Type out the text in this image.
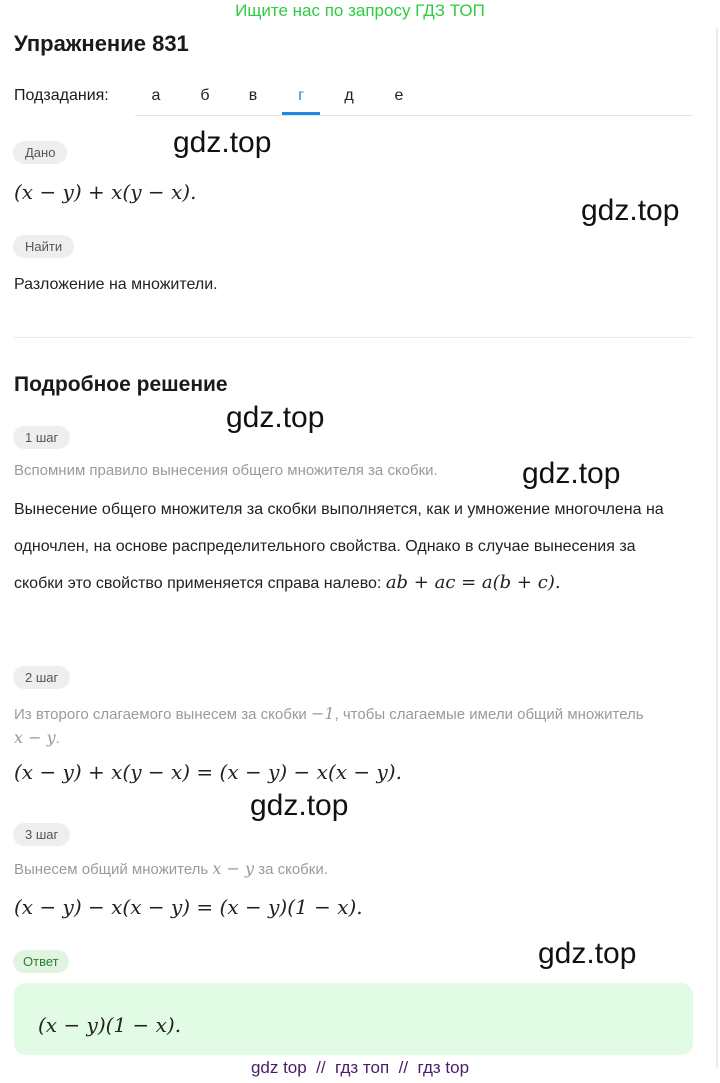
Ищите нас по запросу ГДЗ ТОП
Упражнение 831
Подзадания:	а	б	в	г	д	е
Дано
(x − y) + x(y − x).
Найти
Разложение на множители.
Подробное решение
1 шаг
Вспомним правило вынесения общего множителя за скобки.
Вынесение общего множителя за скобки выполняется, как и умножение многочлена на одночлен, на основе распределительного свойства. Однако в случае вынесения за скобки это свойство применяется справа налево: ab + ac = a(b + c).
2 шаг
Из второго слагаемого вынесем за скобки −1, чтобы слагаемые имели общий множитель x − y.
(x − y) + x(y − x) = (x − y) − x(x − y).
3 шаг
Вынесем общий множитель x − y за скобки.
(x − y) − x(x − y) = (x − y)(1 − x).
Ответ
(x − y)(1 − x).
gdz.top
gdz.top
gdz.top
gdz.top
gdz.top
gdz.top
gdz top  //  гдз топ  //  гдз top
